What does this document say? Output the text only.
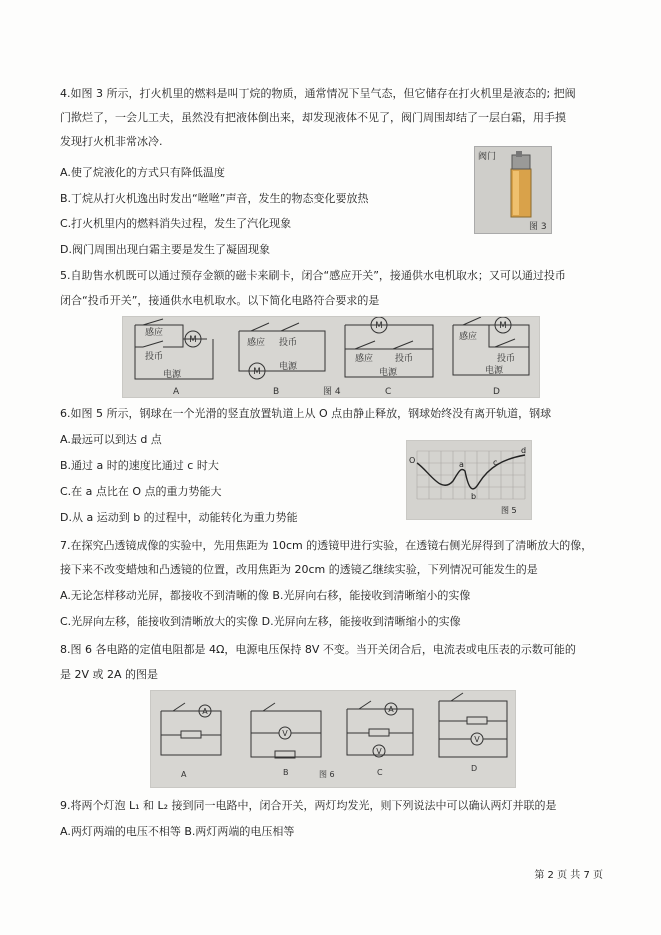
4.如图 3 所示，打火机里的燃料是叫丁烷的物质，通常情况下呈气态，但它储存在打火机里是液态的; 把阀
门揿烂了，一会儿工夫，虽然没有把液体倒出来，却发现液体不见了，阀门周围却结了一层白霜，用手摸
发现打火机非常冰冷.
A.使了烷液化的方式只有降低温度
B.丁烷从打火机逸出时发出“咝咝”声音，发生的物态变化要放热
C.打火机里内的燃料消失过程，发生了汽化现象
D.阀门周围出现白霜主要是发生了凝固现象
阀门
图 3
5.自助售水机既可以通过预存金额的磁卡来刷卡，闭合“感应开关”，接通供水电机取水；又可以通过投币
闭合“投币开关”，接通供水电机取水。以下简化电路符合要求的是
M
M
M	M
感应
投币
感应 投币
感应 投币
感应
投币
电源
电源
电源	电源
A	B	C	D
图 4
6.如图 5 所示，钢球在一个光滑的竖直放置轨道上从 O 点由静止释放，钢球始终没有离开轨道，钢球
A.最远可以到达 d 点
B.通过 a 时的速度比通过 c 时大
C.在 a 点比在 O 点的重力势能大
D.从 a 运动到 b 的过程中，动能转化为重力势能
O	a
b
c
d
图 5
7.在探究凸透镜成像的实验中，先用焦距为 10cm 的透镜甲进行实验，在透镜右侧光屏得到了清晰放大的像，
接下来不改变蜡烛和凸透镜的位置，改用焦距为 20cm 的透镜乙继续实验，下列情况可能发生的是
A.无论怎样移动光屏，都接收不到清晰的像 B.光屏向右移，能接收到清晰缩小的实像
C.光屏向左移，能接收到清晰放大的实像 D.光屏向左移，能接收到清晰缩小的实像
8.图 6 各电路的定值电阻都是 4Ω，电源电压保持 8V 不变。当开关闭合后，电流表或电压表的示数可能的
是 2V 或 2A 的图是
A
V
A
V
V
A	B	C	D
图 6
9.将两个灯泡 L₁ 和 L₂ 接到同一电路中，闭合开关，两灯均发光，则下列说法中可以确认两灯并联的是
A.两灯两端的电压不相等 B.两灯两端的电压相等
第 2 页 共 7 页
